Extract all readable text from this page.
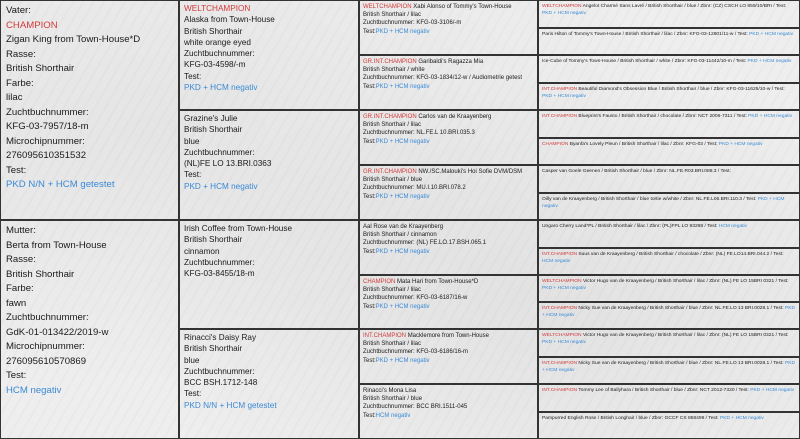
Vater:
CHAMPION
Zigan King from Town-House*D
Rasse:
British Shorthair
Farbe:
lilac
Zuchtbuchnummer:
KFG-03-7957/18-m
Microchipnummer:
276095610351532
Test:
PKD N/N + HCM getestet
Mutter:
Berta from Town-House
Rasse:
British Shorthair
Farbe:
fawn
Zuchtbuchnummer:
GdK-01-013422/2019-w
Microchipnummer:
276095610570869
Test:
HCM negativ
WELTCHAMPION
Alaska from Town-House
British Shorthair
white orange eyed
Zuchtbuchnummer:
KFG-03-4598/-m
Test:
PKD + HCM negativ
Grazine's Julie
British Shorthair
blue
Zuchtbuchnummer:
(NL)FE LO 13.BRI.0363
Test:
PKD + HCM negativ
Irish Coffee from Town-House
British Shorthair
cinnamon
Zuchtbuchnummer:
KFG-03-8455/18-m
Rinacci's Daisy Ray
British Shorthair
blue
Zuchtbuchnummer:
BCC BSH.1712-148
Test:
PKD N/N + HCM getestet
WELTCHAMPION Xabi Alonso of Tommy's Town-House
British Shorthair / lilac
Zuchtbuchnummer: KFG-03-3106/-m
Test:PKD + HCM negativ
GR.INT.CHAMPION Garibaldi's Ragazza Mia
British Shorthair / white
Zuchtbuchnummer: KFG-03-1834/12-w / Audiometrie getest
Test:PKD + HCM negativ
GR.INT.CHAMPION Carlos van de Kraayenberg
British Shorthair / lilac
Zuchtbuchnummer: NL.FE.L 10.BRI.035.3
Test:PKD + HCM negativ
GR.INT.CHAMPION NW./SC.Malouki's Hoi Sofie DVM/DSM
British Shorthair / blue
Zuchtbuchnummer: MU.I.10.BRI.078.2
Test:PKD + HCM negativ
Aal Rose van de Kraayenberg
British Shorthair / cinnamon
Zuchtbuchnummer: (NL) FE.LO.17.BSH.065.1
Test:PKD + HCM negativ
CHAMPION Mata Hari from Town-House*D
British Shorthair / lilac
Zuchtbuchnummer: KFG-03-6187/16-w
Test:PKD + HCM negativ
INT.CHAMPION Macklemore from Town-House
British Shorthair / lilac
Zuchtbuchnummer: KFG-03-6186/16-m
Test:PKD + HCM negativ
Rinacci's Mona Lisa
British Shorthair / blue
Zuchtbuchnummer: BCC BRI.1511-045
Test:HCM negativ
WELTCHAMPION Angelot Charmé Sans Lavré / British Shorthair / blue / Zbnr: (CZ) CSCH LO 859/10/BRI / Test: PKD + HCM negativ
Paris Hilton of Tommy's Town-House / British Shorthair / lilac / Zbnr: KFG-03-12801/11-w / Test: PKD + HCM negativ
Ice-Cube of Tommy's Town-House / British Shorthair / white / Zbnr: KFG-03-11442/10-m / Test: PKD + HCM negativ
INT.CHAMPION Beautiful Diamond's Obsession Blue / British Shorthair / blue / Zbnr: KFG-03-11625/10-w / Test: PKD + HCM negativ
INT.CHAMPION Blueprint's Fausto / British Shorthair / chocolate / Zbnr: NCT 2006-7311 / Test: PKD + HCM negativ
CHAMPION Byanfa's Lovely Pleun / British Shorthair / lilac / Zbnr: KFG-03 / Test: PKD + HCM negativ
Casper van Goele Geenen / British Shorthair / blue / Zbnr: NL.FE.R03.BRI.088.3 / Test:
Oilly van de Kraayenberg / British Shorthair / blue tortie w/white / Zbnr: NL.FE.L06.BRI.110.3 / Test: PKD + HCM negativ
Ungaro Cherry Land*PL / British Shorthair / lilac / Zbnr: (PL)FPL LO 93298 / Test: HCM negativ
INT.CHAMPION Suus van de Kraayenberg / British Shorthair / chocolate / Zbnr: (NL) FE.LO14.BRI.044.2 / Test: HCM negativ
WELTCHAMPION Victor Hugo van de Kraayenberg / British Shorthair / lilac / Zbnr: (NL) FE LO 15BRI 0321 / Test: PKD + HCM negativ
INT.CHAMPION Nicky Sue van de Kraayenberg / British Shorthair / blue / Zbnr: NL.FE.LO 13 BRI.0028.1 / Test: PKD + HCM negativ
WELTCHAMPION Victor Hugo van de Kraayenberg / British Shorthair / lilac / Zbnr: (NL) FE LO 15BRI 0321 / Test: PKD + HCM negativ
INT.CHAMPION Nicky Sue van de Kraayenberg / British Shorthair / blue / Zbnr: NL.FE.LO 13 BRI.0028.1 / Test: PKD + HCM negativ
INT.CHAMPION Tommy Lee of Ballyhara / British Shorthair / blue / Zbnr: NCT 2012-7320 / Test: PKD + HCM negativ
Pampurred English Rose / British Longhair / blue / Zbnr: GCCF CS 858499 / Test: PKD + HCM negativ
